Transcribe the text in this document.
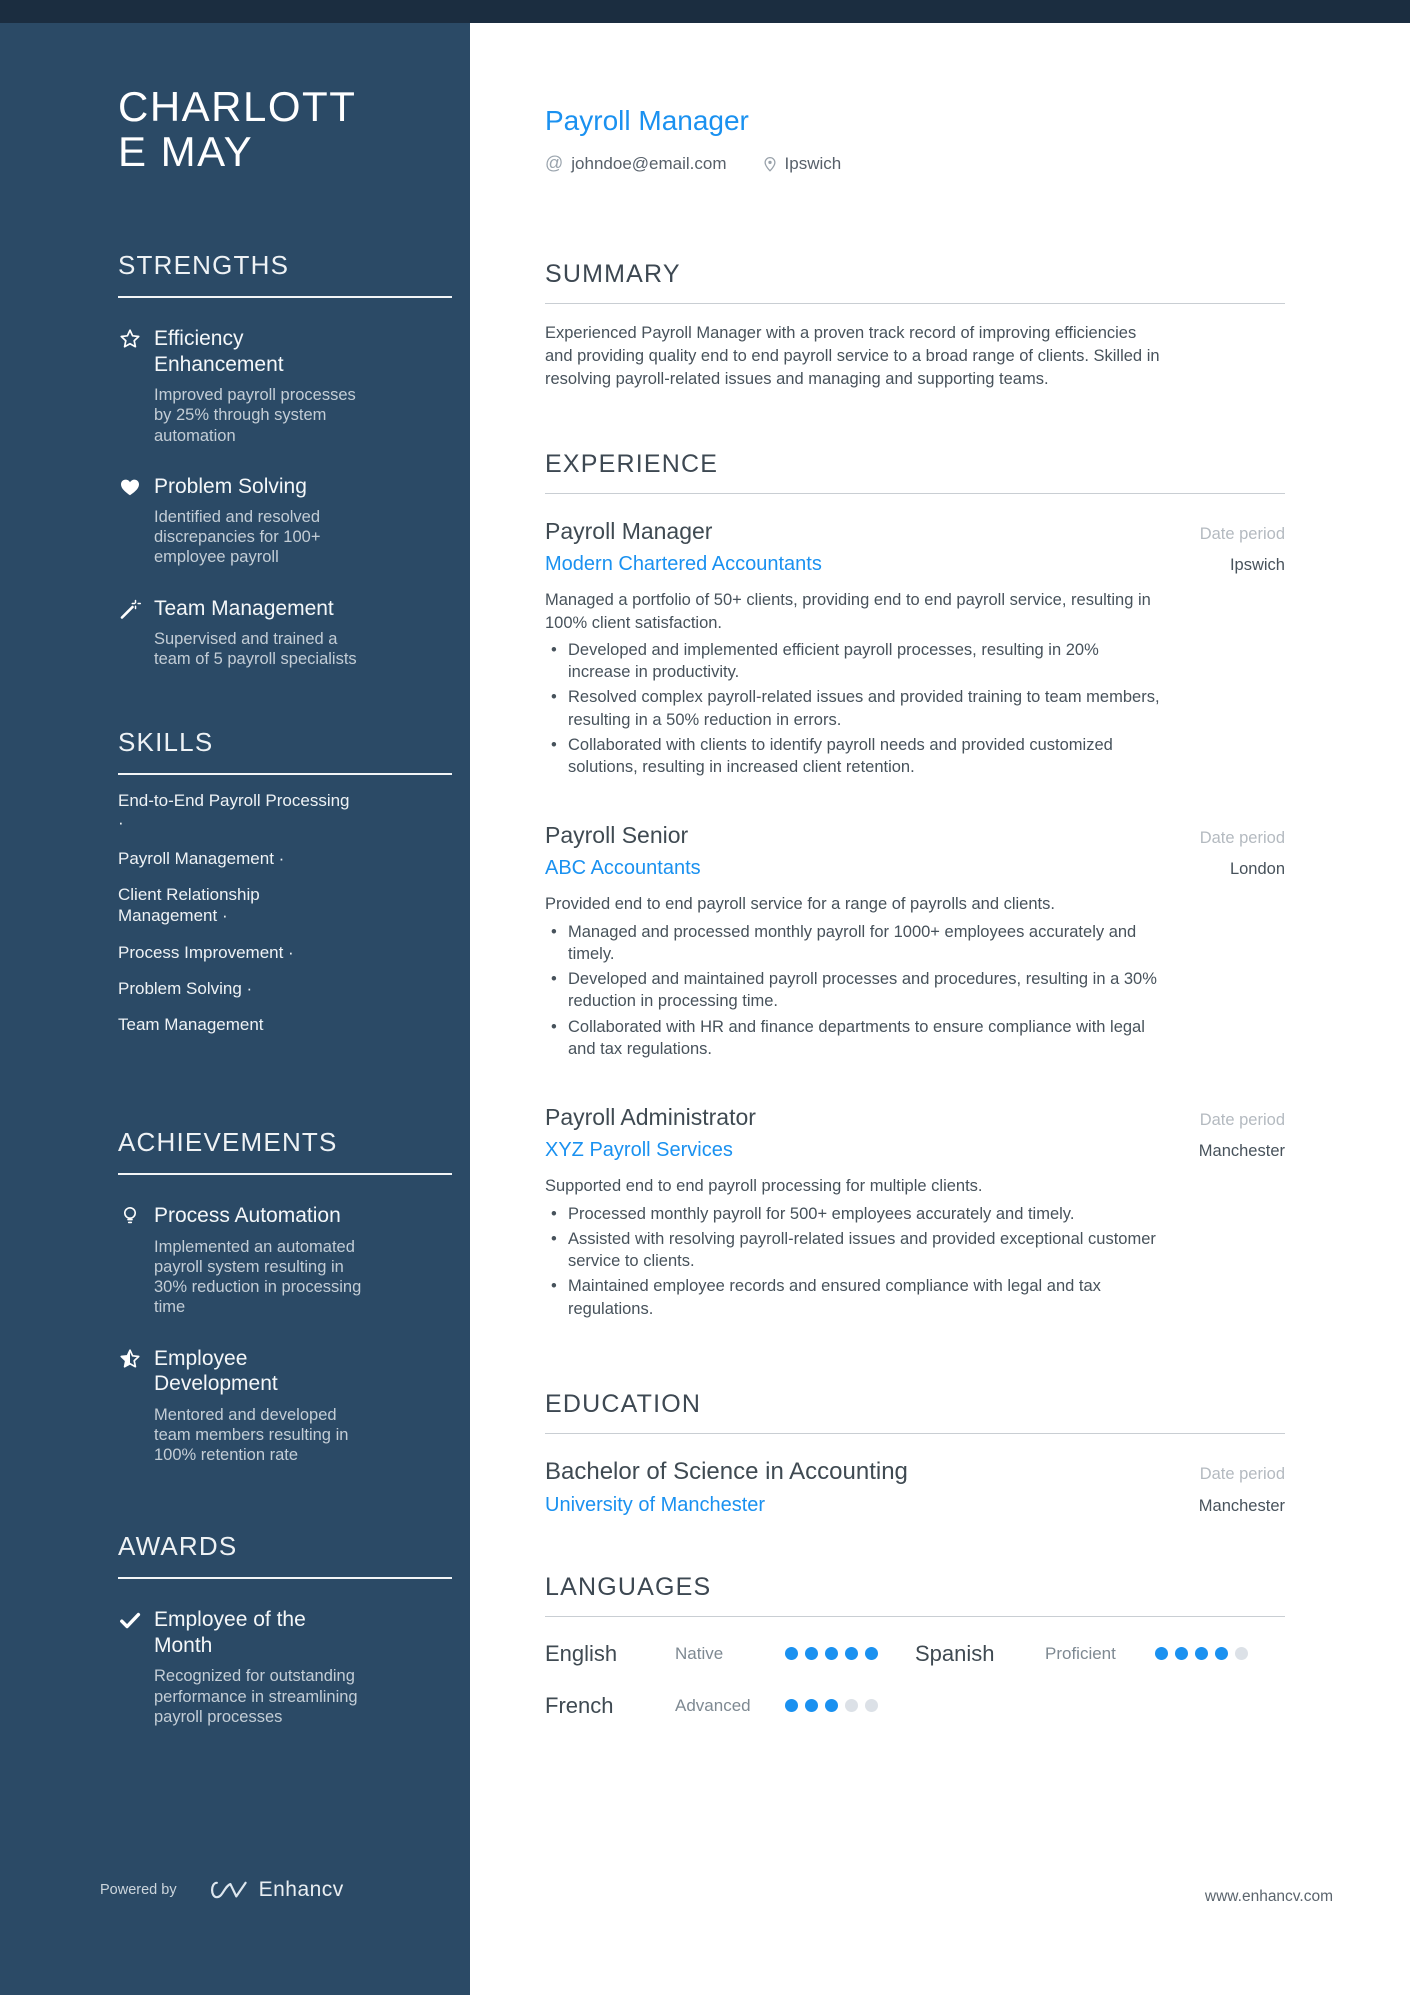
CHARLOTT
E MAY
STRENGTHS
Efficiency Enhancement
Improved payroll processes by 25% through system automation
Problem Solving
Identified and resolved discrepancies for 100+ employee payroll
Team Management
Supervised and trained a team of 5 payroll specialists
SKILLS
End-to-End Payroll Processing ·
Payroll Management ·
Client Relationship Management ·
Process Improvement ·
Problem Solving ·
Team Management
ACHIEVEMENTS
Process Automation
Implemented an automated payroll system resulting in 30% reduction in processing time
Employee Development
Mentored and developed team members resulting in 100% retention rate
AWARDS
Employee of the Month
Recognized for outstanding performance in streamlining payroll processes
Powered by	Enhancv
Payroll Manager
@ johndoe@email.com	Ipswich
SUMMARY
Experienced Payroll Manager with a proven track record of improving efficiencies and providing quality end to end payroll service to a broad range of clients. Skilled in resolving payroll-related issues and managing and supporting teams.
EXPERIENCE
Payroll Manager	Date period
Modern Chartered Accountants	Ipswich
Managed a portfolio of 50+ clients, providing end to end payroll service, resulting in 100% client satisfaction.
• Developed and implemented efficient payroll processes, resulting in 20% increase in productivity.
• Resolved complex payroll-related issues and provided training to team members, resulting in a 50% reduction in errors.
• Collaborated with clients to identify payroll needs and provided customized solutions, resulting in increased client retention.
Payroll Senior	Date period
ABC Accountants	London
Provided end to end payroll service for a range of payrolls and clients.
• Managed and processed monthly payroll for 1000+ employees accurately and timely.
• Developed and maintained payroll processes and procedures, resulting in a 30% reduction in processing time.
• Collaborated with HR and finance departments to ensure compliance with legal and tax regulations.
Payroll Administrator	Date period
XYZ Payroll Services	Manchester
Supported end to end payroll processing for multiple clients.
• Processed monthly payroll for 500+ employees accurately and timely.
• Assisted with resolving payroll-related issues and provided exceptional customer service to clients.
• Maintained employee records and ensured compliance with legal and tax regulations.
EDUCATION
Bachelor of Science in Accounting	Date period
University of Manchester	Manchester
LANGUAGES
English	Native	Spanish	Proficient
French	Advanced
www.enhancv.com
